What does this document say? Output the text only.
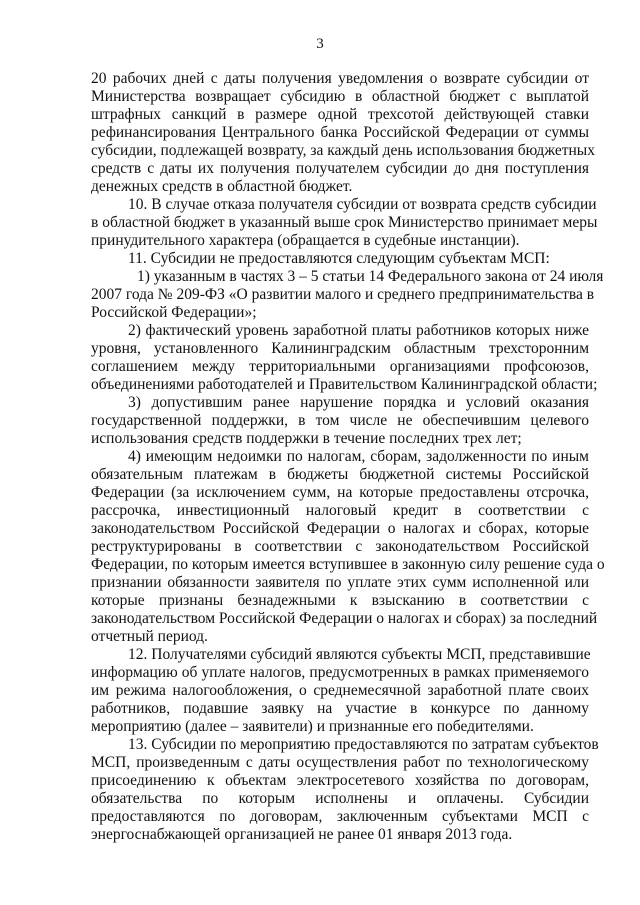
3
20 рабочих дней с даты получения уведомления о возврате субсидии от
Министерства возвращает субсидию в областной бюджет с выплатой
штрафных санкций в размере одной трехсотой действующей ставки
рефинансирования Центрального банка Российской Федерации от суммы
субсидии, подлежащей возврату, за каждый день использования бюджетных
средств с даты их получения получателем субсидии до дня поступления
денежных средств в областной бюджет.
10. В случае отказа получателя субсидии от возврата средств субсидии
в областной бюджет в указанный выше срок Министерство принимает меры
принудительного характера (обращается в судебные инстанции).
11. Субсидии не предоставляются следующим субъектам МСП:
1) указанным в частях 3 – 5 статьи 14 Федерального закона от 24 июля
2007 года № 209-ФЗ «О развитии малого и среднего предпринимательства в
Российской Федерации»;
2) фактический уровень заработной платы работников которых ниже
уровня, установленного Калининградским областным трехсторонним
соглашением между территориальными организациями профсоюзов,
объединениями работодателей и Правительством Калининградской области;
3) допустившим ранее нарушение порядка и условий оказания
государственной поддержки, в том числе не обеспечившим целевого
использования средств поддержки в течение последних трех лет;
4) имеющим недоимки по налогам, сборам, задолженности по иным
обязательным платежам в бюджеты бюджетной системы Российской
Федерации (за исключением сумм, на которые предоставлены отсрочка,
рассрочка, инвестиционный налоговый кредит в соответствии с
законодательством Российской Федерации о налогах и сборах, которые
реструктурированы в соответствии с законодательством Российской
Федерации, по которым имеется вступившее в законную силу решение суда о
признании обязанности заявителя по уплате этих сумм исполненной или
которые признаны безнадежными к взысканию в соответствии с
законодательством Российской Федерации о налогах и сборах) за последний
отчетный период.
12. Получателями субсидий являются субъекты МСП, представившие
информацию об уплате налогов, предусмотренных в рамках применяемого
им режима налогообложения, о среднемесячной заработной плате своих
работников, подавшие заявку на участие в конкурсе по данному
мероприятию (далее – заявители) и признанные его победителями.
13. Субсидии по мероприятию предоставляются по затратам субъектов
МСП, произведенным с даты осуществления работ по технологическому
присоединению к объектам электросетевого хозяйства по договорам,
обязательства по которым исполнены и оплачены. Субсидии
предоставляются по договорам, заключенным субъектами МСП с
энергоснабжающей организацией не ранее 01 января 2013 года.
